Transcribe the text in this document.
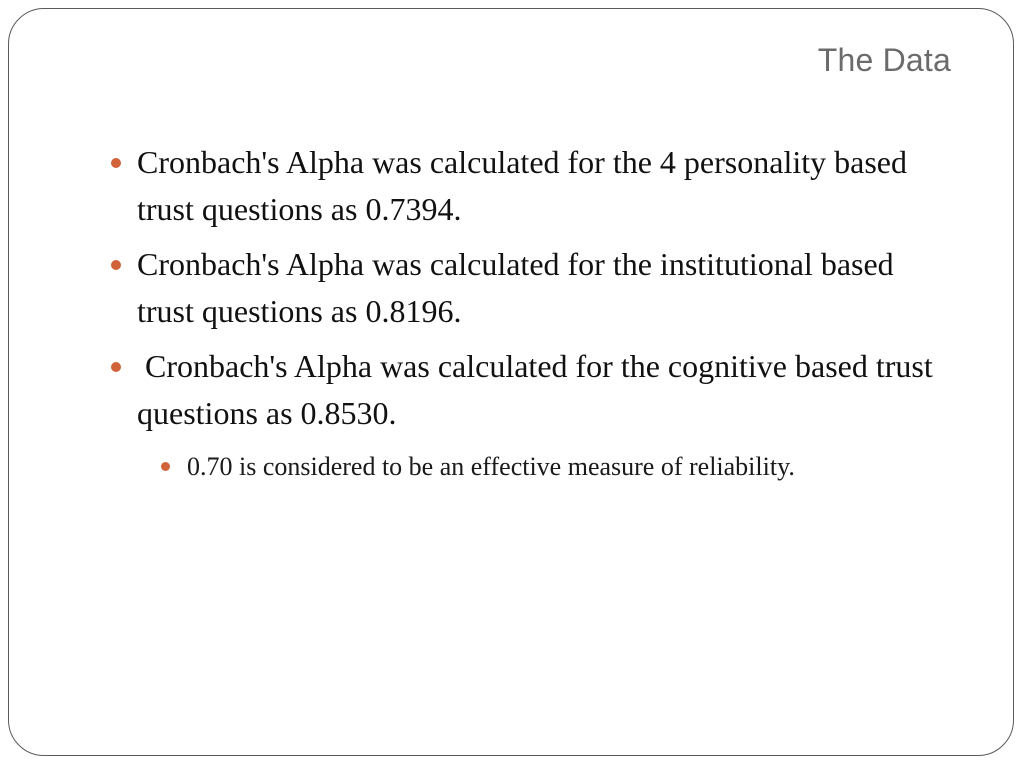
The Data
Cronbach's Alpha was calculated for the 4 personality based trust questions as 0.7394.
Cronbach's Alpha was calculated for the institutional based trust questions as 0.8196.
Cronbach's Alpha was calculated for the cognitive based trust questions as 0.8530.
0.70 is considered to be an effective measure of reliability.
